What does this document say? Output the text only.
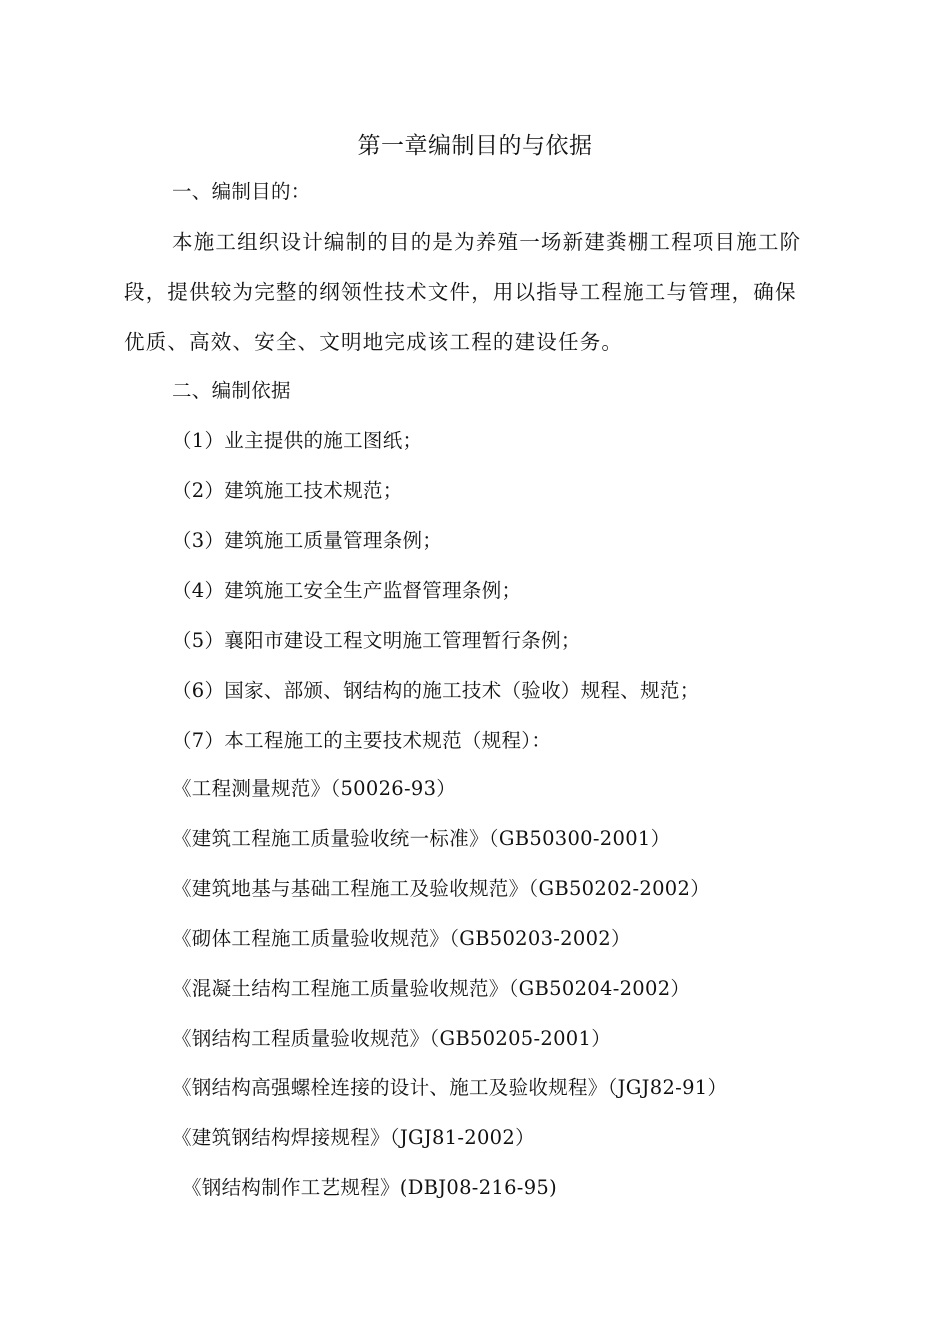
第一章编制目的与依据
一、编制目的：
本施工组织设计编制的目的是为养殖一场新建粪棚工程项目施工阶
段，提供较为完整的纲领性技术文件，用以指导工程施工与管理，确保
优质、高效、安全、文明地完成该工程的建设任务。
二、编制依据
（1）业主提供的施工图纸；
（2）建筑施工技术规范；
（3）建筑施工质量管理条例；
（4）建筑施工安全生产监督管理条例；
（5）襄阳市建设工程文明施工管理暂行条例；
（6）国家、部颁、钢结构的施工技术（验收）规程、规范；
（7）本工程施工的主要技术规范（规程）：
《工程测量规范》（50026-93）
《建筑工程施工质量验收统一标准》（GB50300-2001）
《建筑地基与基础工程施工及验收规范》（GB50202-2002）
《砌体工程施工质量验收规范》（GB50203-2002）
《混凝土结构工程施工质量验收规范》（GB50204-2002）
《钢结构工程质量验收规范》（GB50205-2001）
《钢结构高强螺栓连接的设计、施工及验收规程》（JGJ82-91）
《建筑钢结构焊接规程》（JGJ81-2002）
《钢结构制作工艺规程》(DBJ08-216-95)
